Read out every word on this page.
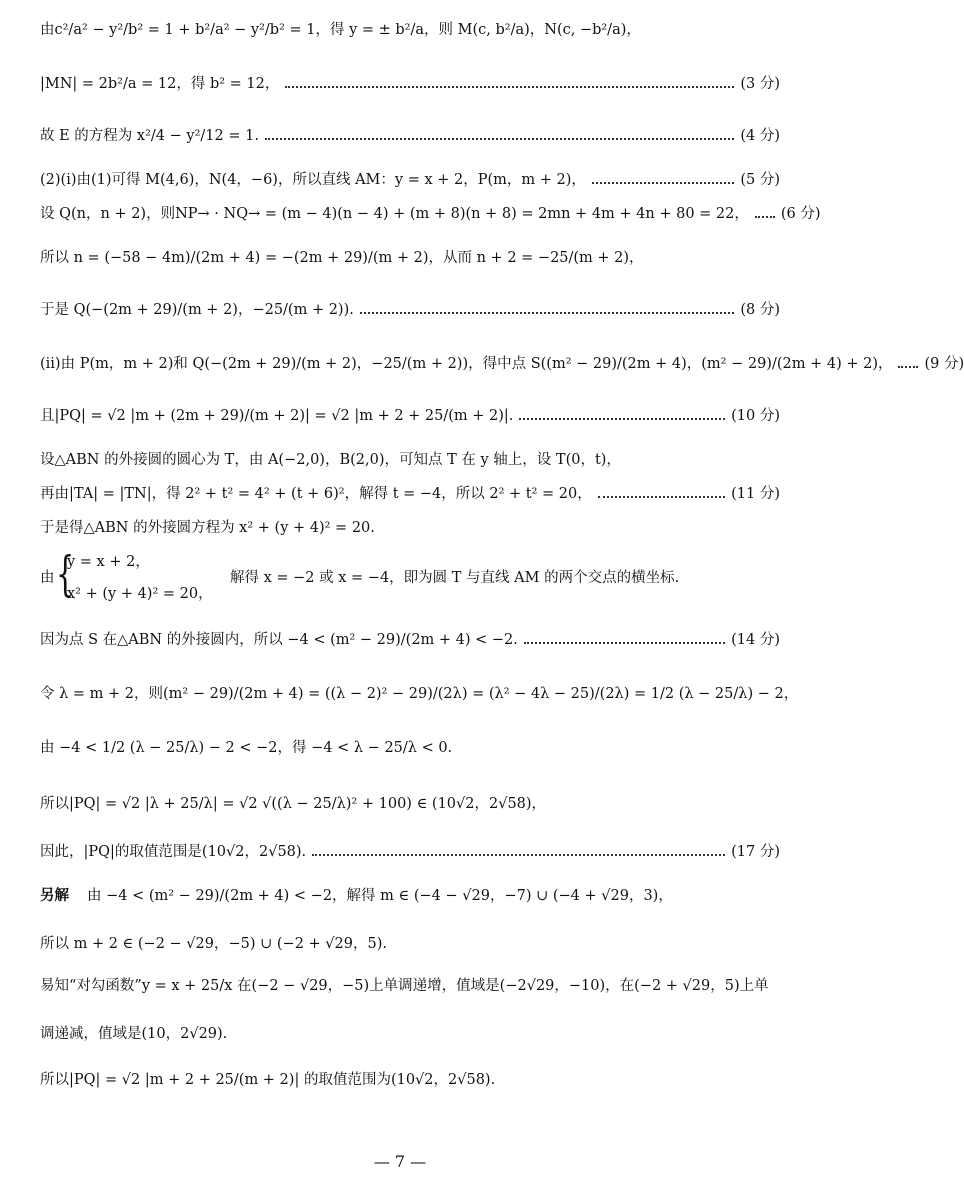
由c²/a² − y²/b² = 1 + b²/a² − y²/b² = 1，得 y = ± b²/a，则 M(c, b²/a)，N(c, −b²/a)，
|MN| = 2b²/a = 12，得 b² = 12，	(3 分)
故 E 的方程为 x²/4 − y²/12 = 1.	(4 分)
(2)(ⅰ)由(1)可得 M(4,6)，N(4，−6)，所以直线 AM：y = x + 2，P(m，m + 2)，	(5 分)
设 Q(n，n + 2)，则NP→ · NQ→ = (m − 4)(n − 4) + (m + 8)(n + 8) = 2mn + 4m + 4n + 80 = 22， (6 分)
所以 n = (−58 − 4m)/(2m + 4) = −(2m + 29)/(m + 2)，从而 n + 2 = −25/(m + 2)，
于是 Q(−(2m + 29)/(m + 2)，−25/(m + 2)).	(8 分)
(ⅱ)由 P(m，m + 2)和 Q(−(2m + 29)/(m + 2)，−25/(m + 2))，得中点 S((m² − 29)/(2m + 4)，(m² − 29)/(2m + 4) + 2)， (9 分)
且|PQ| = √2 |m + (2m + 29)/(m + 2)| = √2 |m + 2 + 25/(m + 2)|.	(10 分)
设△ABN 的外接圆的圆心为 T，由 A(−2,0)，B(2,0)，可知点 T 在 y 轴上，设 T(0，t)，
再由|TA| = |TN|，得 2² + t² = 4² + (t + 6)²，解得 t = −4，所以 2² + t² = 20，	(11 分)
于是得△ABN 的外接圆方程为 x² + (y + 4)² = 20.
由 {
y = x + 2，
x² + (y + 4)² = 20，
解得 x = −2 或 x = −4，即为圆 T 与直线 AM 的两个交点的横坐标.
因为点 S 在△ABN 的外接圆内，所以 −4 < (m² − 29)/(2m + 4) < −2.	(14 分)
令 λ = m + 2，则(m² − 29)/(2m + 4) = ((λ − 2)² − 29)/(2λ) = (λ² − 4λ − 25)/(2λ) = 1/2 (λ − 25/λ) − 2，
由 −4 < 1/2 (λ − 25/λ) − 2 < −2，得 −4 < λ − 25/λ < 0.
所以|PQ| = √2 |λ + 25/λ| = √2 √((λ − 25/λ)² + 100) ∈ (10√2，2√58)，
因此，|PQ|的取值范围是(10√2，2√58).	(17 分)
另解 由 −4 < (m² − 29)/(2m + 4) < −2，解得 m ∈ (−4 − √29，−7) ∪ (−4 + √29，3)，
所以 m + 2 ∈ (−2 − √29，−5) ∪ (−2 + √29，5).
易知“对勾函数”y = x + 25/x 在(−2 − √29，−5)上单调递增，值域是(−2√29，−10)，在(−2 + √29，5)上单
调递减，值域是(10，2√29).
所以|PQ| = √2 |m + 2 + 25/(m + 2)| 的取值范围为(10√2，2√58).
— 7 —
